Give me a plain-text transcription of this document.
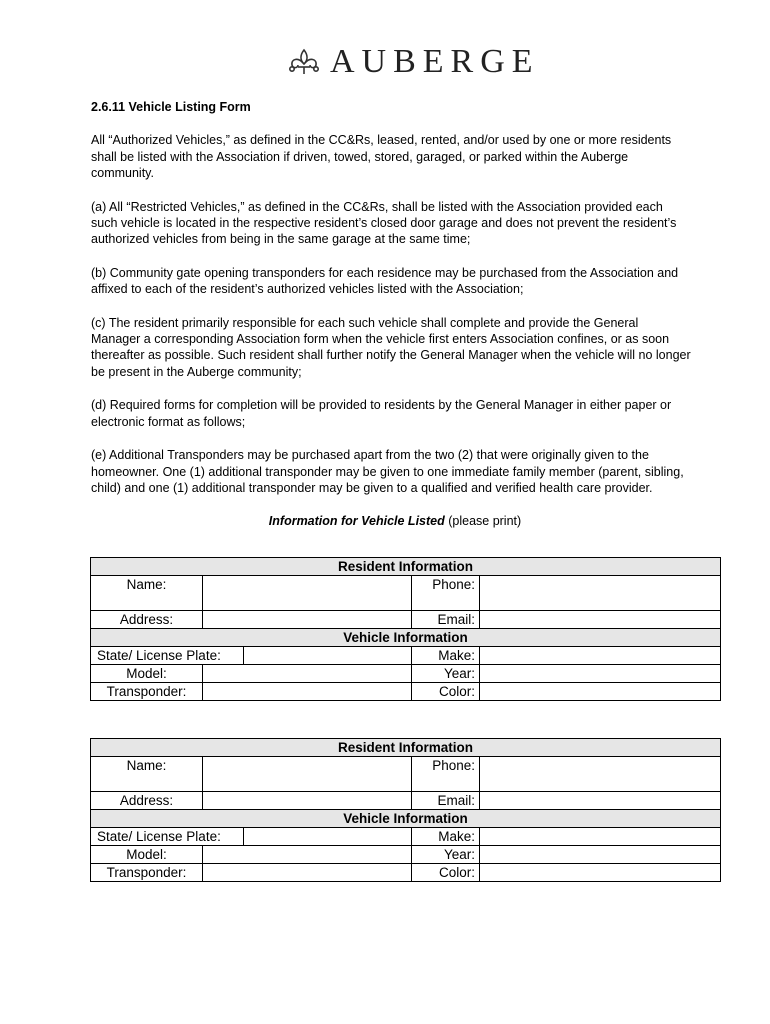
AUBERGE

2.6.11 Vehicle Listing Form

All “Authorized Vehicles,” as defined in the CC&Rs, leased, rented, and/or used by one or more residents shall be listed with the Association if driven, towed, stored, garaged, or parked within the Auberge community.

(a) All “Restricted Vehicles,” as defined in the CC&Rs, shall be listed with the Association provided each such vehicle is located in the respective resident’s closed door garage and does not prevent the resident’s authorized vehicles from being in the same garage at the same time;

(b) Community gate opening transponders for each residence may be purchased from the Association and affixed to each of the resident’s authorized vehicles listed with the Association;

(c) The resident primarily responsible for each such vehicle shall complete and provide the General Manager a corresponding Association form when the vehicle first enters Association confines, or as soon thereafter as possible. Such resident shall further notify the General Manager when the vehicle will no longer be present in the Auberge community;

(d) Required forms for completion will be provided to residents by the General Manager in either paper or electronic format as follows;

(e) Additional Transponders may be purchased apart from the two (2) that were originally given to the homeowner. One (1) additional transponder may be given to one immediate family member (parent, sibling, child) and one (1) additional transponder may be given to a qualified and verified health care provider.

Information for Vehicle Listed (please print)

Resident Information				
Name:			Phone:	
Address:			Email:	
Vehicle Information				
State/ License Plate:			Make:	
Model:			Year:	
Transponder:			Color:	
Resident Information				
Name:			Phone:	
Address:			Email:	
Vehicle Information				
State/ License Plate:			Make:	
Model:			Year:	
Transponder:			Color:	
